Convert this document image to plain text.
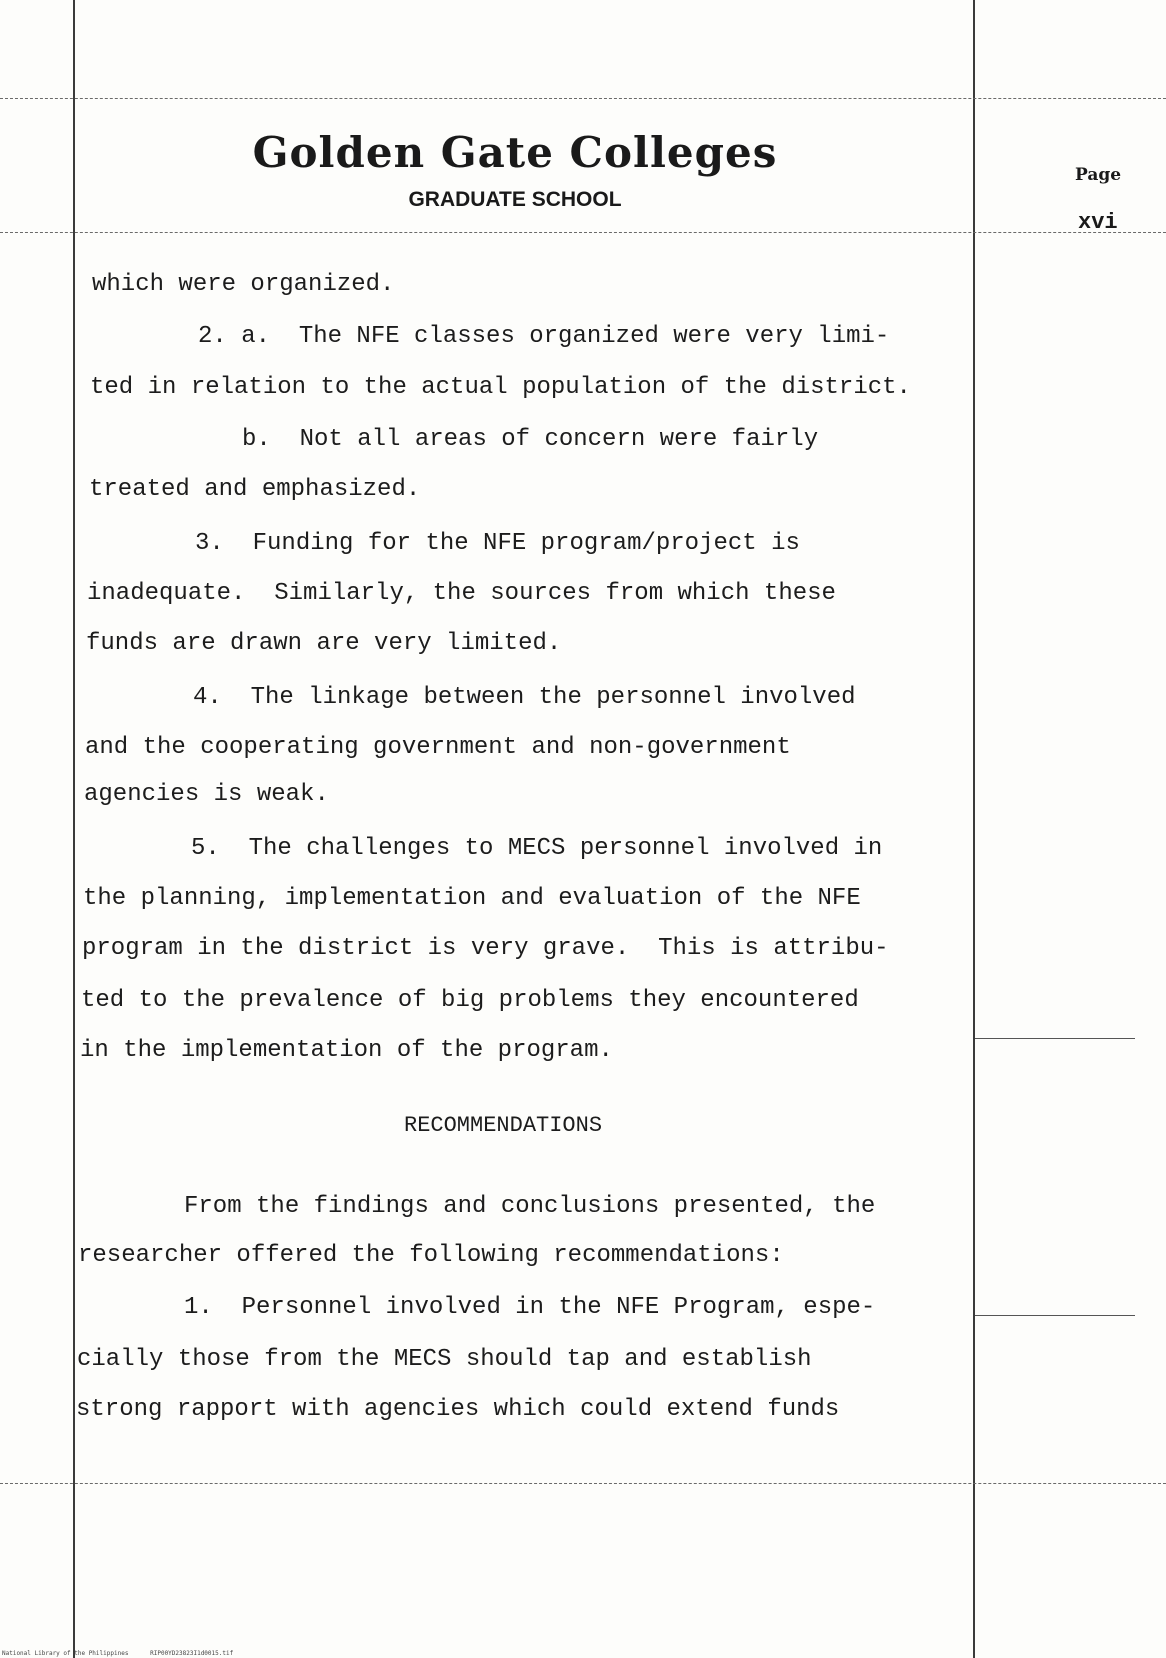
Golden Gate Colleges
GRADUATE SCHOOL
Page
xvi
which were organized.
2. a.  The NFE classes organized were very limi-
ted in relation to the actual population of the district.
b.  Not all areas of concern were fairly
treated and emphasized.
3.  Funding for the NFE program/project is
inadequate.  Similarly, the sources from which these
funds are drawn are very limited.
4.  The linkage between the personnel involved
and the cooperating government and non-government
agencies is weak.
5.  The challenges to MECS personnel involved in
the planning, implementation and evaluation of the NFE
program in the district is very grave.  This is attribu-
ted to the prevalence of big problems they encountered
in the implementation of the program.
RECOMMENDATIONS
From the findings and conclusions presented, the
researcher offered the following recommendations:
1.  Personnel involved in the NFE Program, espe-
cially those from the MECS should tap and establish
strong rapport with agencies which could extend funds
National Library of the Philippines	RIP00YD23823I1d0015.tif
